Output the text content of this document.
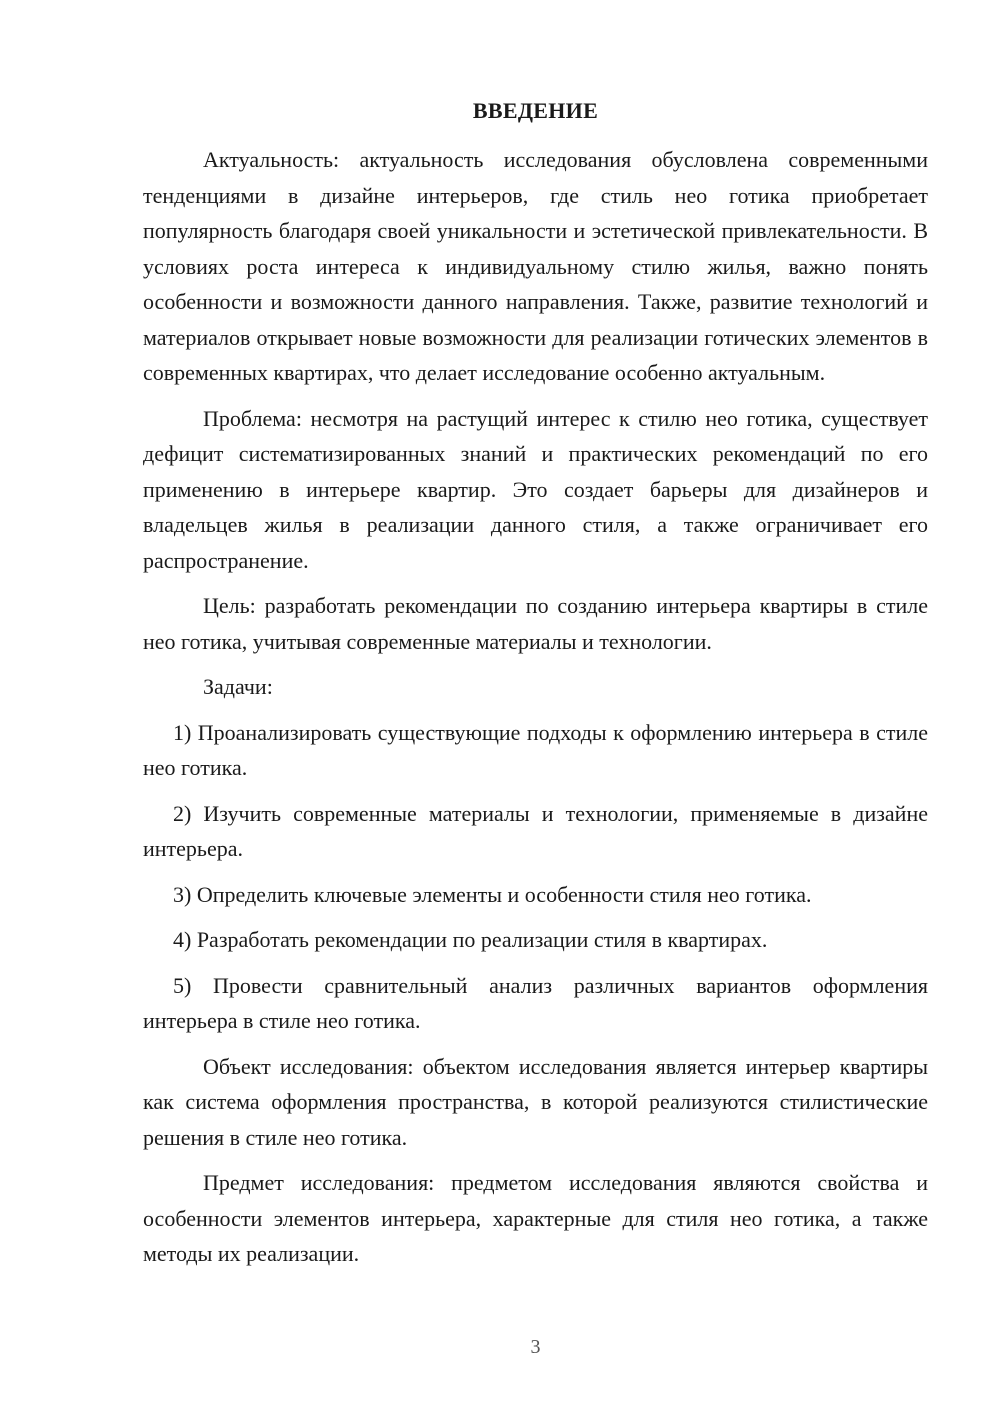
ВВЕДЕНИЕ

Актуальность: актуальность исследования обусловлена современными тенденциями в дизайне интерьеров, где стиль нео готика приобретает популярность благодаря своей уникальности и эстетической привлекательности. В условиях роста интереса к индивидуальному стилю жилья, важно понять особенности и возможности данного направления. Также, развитие технологий и материалов открывает новые возможности для реализации готических элементов в современных квартирах, что делает исследование особенно актуальным.

Проблема: несмотря на растущий интерес к стилю нео готика, существует дефицит систематизированных знаний и практических рекомендаций по его применению в интерьере квартир. Это создает барьеры для дизайнеров и владельцев жилья в реализации данного стиля, а также ограничивает его распространение.

Цель: разработать рекомендации по созданию интерьера квартиры в стиле нео готика, учитывая современные материалы и технологии.

Задачи:

1) Проанализировать существующие подходы к оформлению интерьера в стиле нео готика.

2) Изучить современные материалы и технологии, применяемые в дизайне интерьера.

3) Определить ключевые элементы и особенности стиля нео готика.

4) Разработать рекомендации по реализации стиля в квартирах.

5) Провести сравнительный анализ различных вариантов оформления интерьера в стиле нео готика.

Объект исследования: объектом исследования является интерьер квартиры как система оформления пространства, в которой реализуются стилистические решения в стиле нео готика.

Предмет исследования: предметом исследования являются свойства и особенности элементов интерьера, характерные для стиля нео готика, а также методы их реализации.

3
